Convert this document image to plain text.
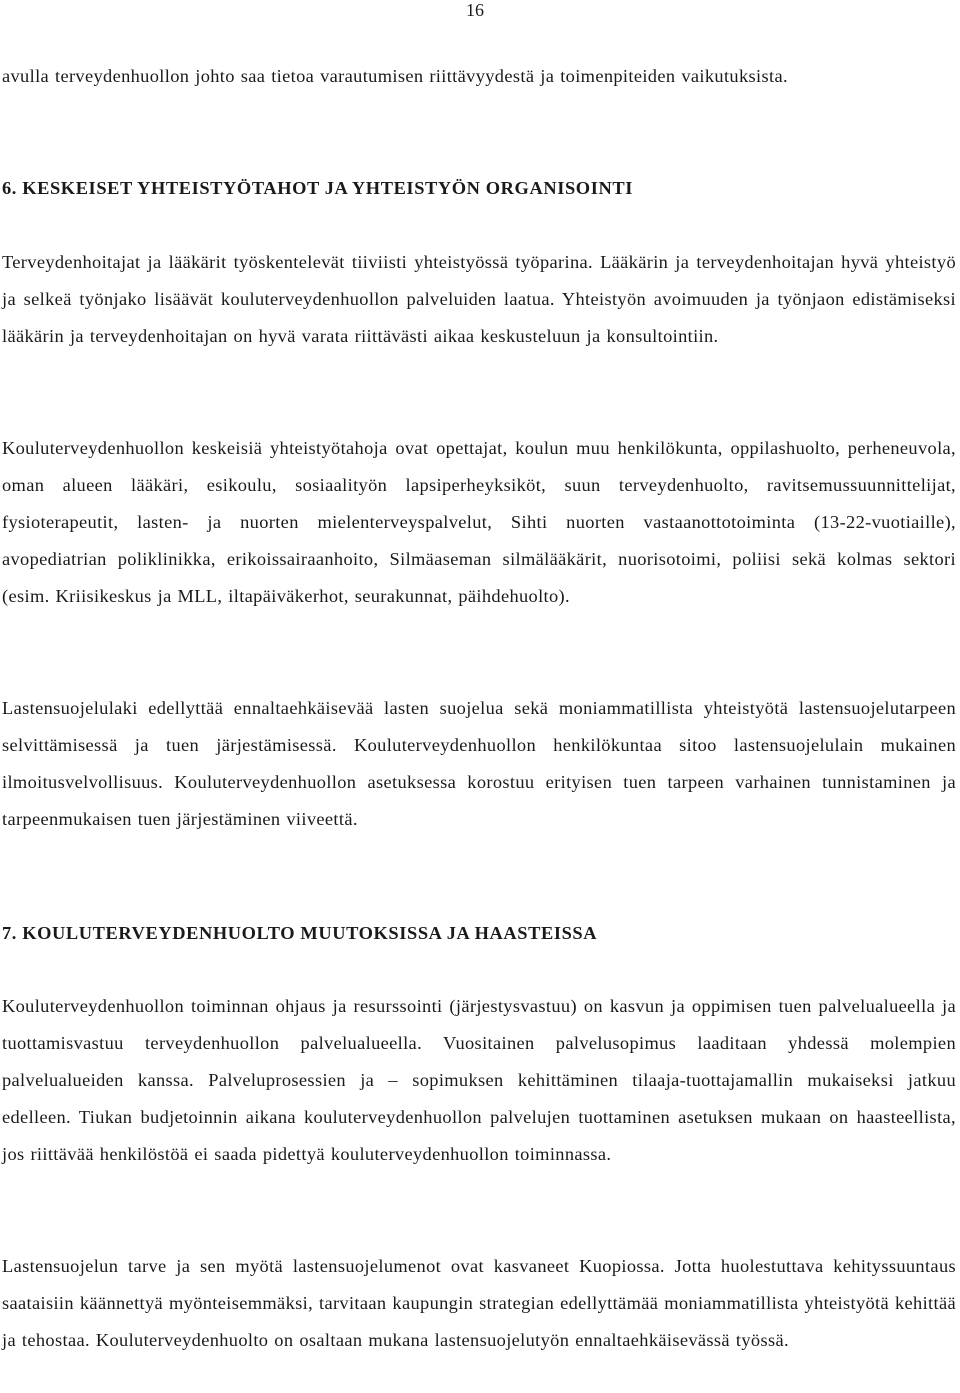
16

avulla terveydenhuollon johto saa tietoa varautumisen riittävyydestä ja toimenpiteiden vaikutuksista.

6. KESKEISET YHTEISTYÖTAHOT JA YHTEISTYÖN ORGANISOINTI

Terveydenhoitajat ja lääkärit työskentelevät tiiviisti yhteistyössä työparina. Lääkärin ja terveydenhoitajan hyvä yhteistyö ja selkeä työnjako lisäävät kouluterveydenhuollon palveluiden laatua. Yhteistyön avoimuuden ja työnjaon edistämiseksi lääkärin ja terveydenhoitajan on hyvä varata riittävästi aikaa keskusteluun ja konsultointiin.

Kouluterveydenhuollon keskeisiä yhteistyötahoja ovat opettajat, koulun muu henkilökunta, oppilashuolto, perheneuvola, oman alueen lääkäri, esikoulu, sosiaalityön lapsiperheyksiköt, suun terveydenhuolto, ravitsemussuunnittelijat, fysioterapeutit, lasten- ja nuorten mielenterveyspalvelut, Sihti nuorten vastaanottotoiminta (13-22-vuotiaille), avopediatrian poliklinikka, erikoissairaanhoito, Silmäaseman silmälääkärit, nuorisotoimi, poliisi sekä kolmas sektori (esim. Kriisikeskus ja MLL, iltapäiväkerhot, seurakunnat, päihdehuolto).

Lastensuojelulaki edellyttää ennaltaehkäisevää lasten suojelua sekä moniammatillista yhteistyötä lastensuojelutarpeen selvittämisessä ja tuen järjestämisessä. Kouluterveydenhuollon henkilökuntaa sitoo lastensuojelulain mukainen ilmoitusvelvollisuus. Kouluterveydenhuollon asetuksessa korostuu erityisen tuen tarpeen varhainen tunnistaminen ja tarpeenmukaisen tuen järjestäminen viiveettä.

7. KOULUTERVEYDENHUOLTO MUUTOKSISSA JA HAASTEISSA

Kouluterveydenhuollon toiminnan ohjaus ja resurssointi (järjestysvastuu) on kasvun ja oppimisen tuen palvelualueella ja tuottamisvastuu terveydenhuollon palvelualueella. Vuositainen palvelusopimus laaditaan yhdessä molempien palvelualueiden kanssa. Palveluprosessien ja – sopimuksen kehittäminen tilaaja-tuottajamallin mukaiseksi jatkuu edelleen. Tiukan budjetoinnin aikana kouluterveydenhuollon palvelujen tuottaminen asetuksen mukaan on haasteellista, jos riittävää henkilöstöä ei saada pidettyä kouluterveydenhuollon toiminnassa.

Lastensuojelun tarve ja sen myötä lastensuojelumenot ovat kasvaneet Kuopiossa. Jotta huolestuttava kehityssuuntaus saataisiin käännettyä myönteisemmäksi, tarvitaan kaupungin strategian edellyttämää moniammatillista yhteistyötä kehittää ja tehostaa. Kouluterveydenhuolto on osaltaan mukana lastensuojelutyön ennaltaehkäisevässä työssä.
